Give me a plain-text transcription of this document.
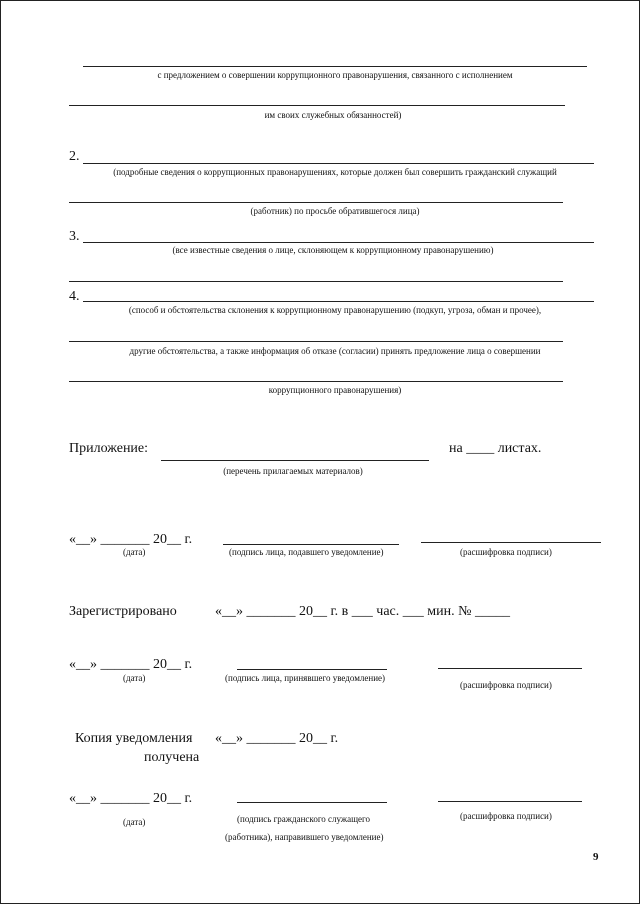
с предложением о совершении коррупционного правонарушения, связанного с исполнением
им своих служебных обязанностей)
2.
(подробные сведения о коррупционных правонарушениях, которые должен был совершить гражданский служащий
(работник) по просьбе обратившегося лица)
3.
(все известные сведения о лице, склоняющем к коррупционному правонарушению)
4.
(способ и обстоятельства склонения к коррупционному правонарушению (подкуп, угроза, обман и прочее),
другие обстоятельства, а также информация об отказе (согласии) принять предложение лица о совершении
коррупционного правонарушения)
Приложение:	на ____ листах.
(перечень прилагаемых материалов)
«__» _______ 20__ г.
(дата)	(подпись лица, подавшего уведомление)	(расшифровка подписи)
Зарегистрировано	«__» _______ 20__ г. в ___ час. ___ мин. № _____
«__» _______ 20__ г.
(дата)	(подпись лица, принявшего уведомление)
(расшифровка подписи)
Копия уведомления «__» _______ 20__ г.
получена
«__» _______ 20__ г.
(дата)	(подпись гражданского служащего
(работника), направившего уведомление)
(расшифровка подписи)
9
